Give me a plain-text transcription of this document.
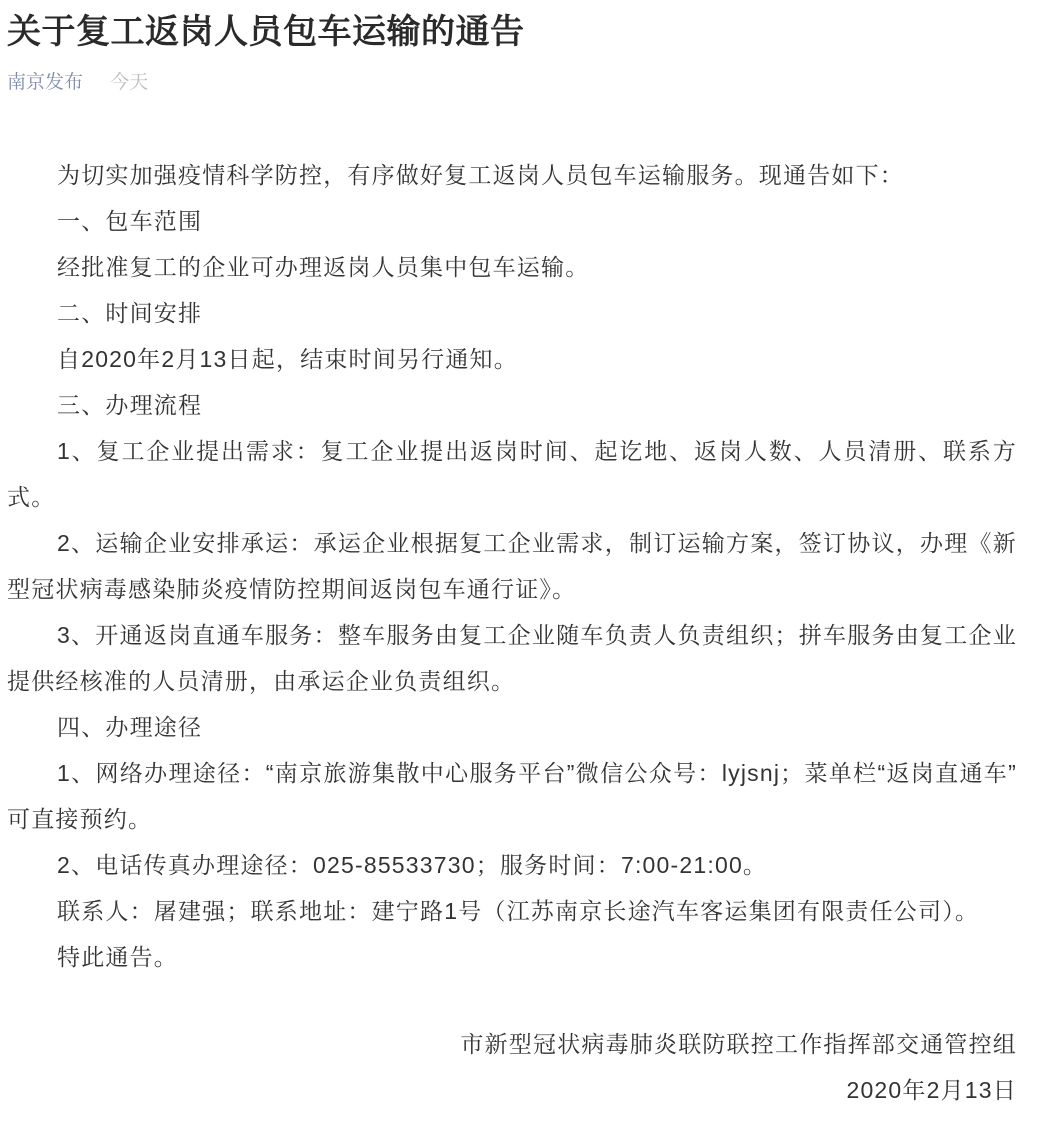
关于复工返岗人员包车运输的通告
南京发布 今天

为切实加强疫情科学防控，有序做好复工返岗人员包车运输服务。现通告如下：

一、包车范围

经批准复工的企业可办理返岗人员集中包车运输。

二、时间安排

自2020年2月13日起，结束时间另行通知。

三、办理流程

1、复工企业提出需求：复工企业提出返岗时间、起讫地、返岗人数、人员清册、联系方式。

2、运输企业安排承运：承运企业根据复工企业需求，制订运输方案，签订协议，办理《新型冠状病毒感染肺炎疫情防控期间返岗包车通行证》。

3、开通返岗直通车服务：整车服务由复工企业随车负责人负责组织；拼车服务由复工企业提供经核准的人员清册，由承运企业负责组织。

四、办理途径

1、网络办理途径：“南京旅游集散中心服务平台”微信公众号：lyjsnj；菜单栏“返岗直通车”可直接预约。

2、电话传真办理途径：025-85533730；服务时间：7:00-21:00。

联系人：屠建强；联系地址：建宁路1号（江苏南京长途汽车客运集团有限责任公司）。

特此通告。

市新型冠状病毒肺炎联防联控工作指挥部交通管控组

2020年2月13日
